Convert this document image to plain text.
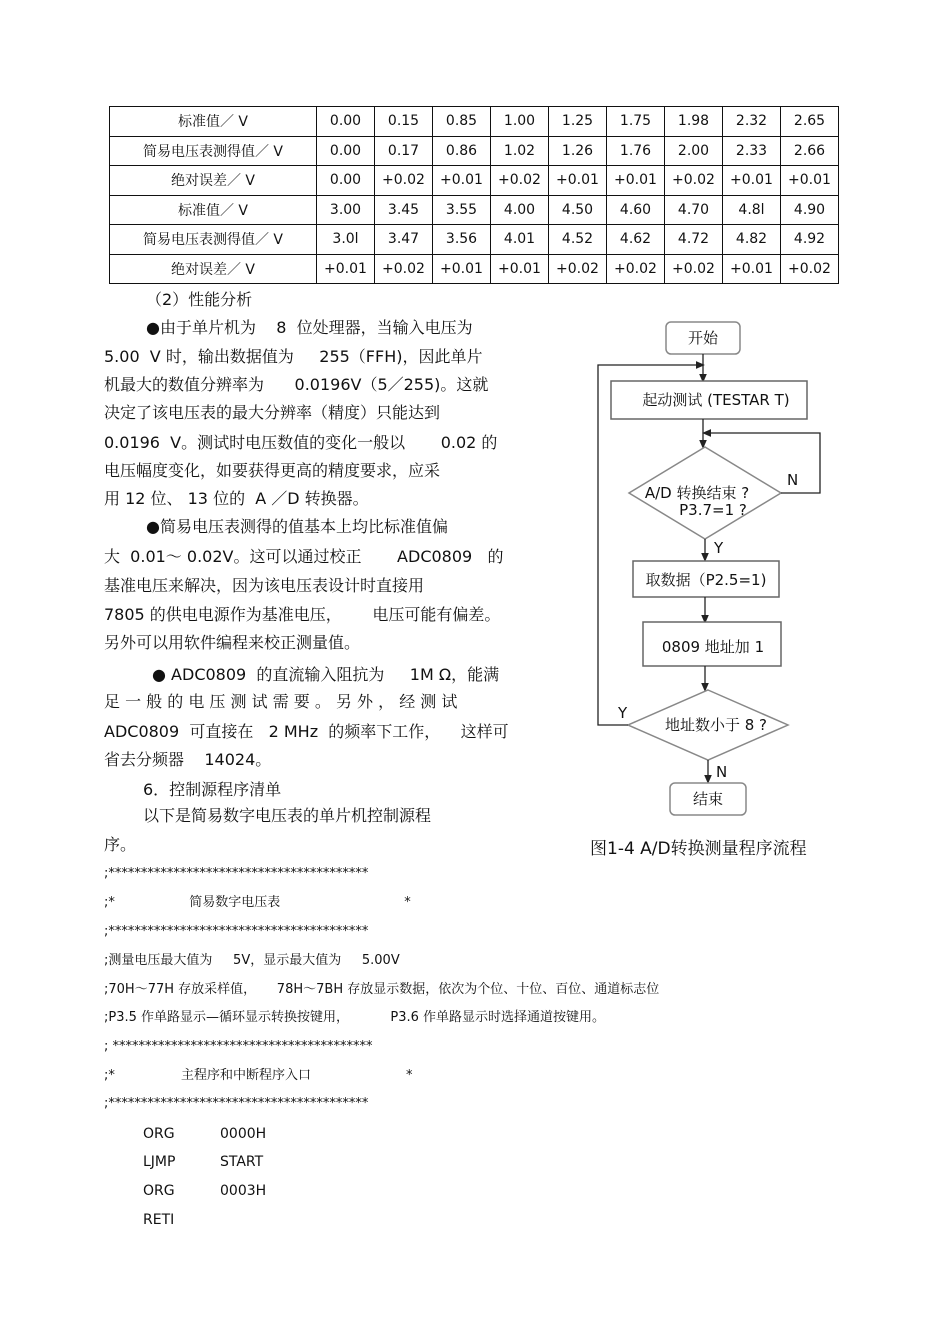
标准值／ V	0.00	0.15	0.85	1.00	1.25	1.75	1.98	2.32	2.65
简易电压表测得值／ V	0.00	0.17	0.86	1.02	1.26	1.76	2.00	2.33	2.66
绝对误差／ V	0.00	+0.02	+0.01	+0.02	+0.01	+0.01	+0.02	+0.01	+0.01
标准值／ V	3.00	3.45	3.55	4.00	4.50	4.60	4.70	4.8l	4.90
简易电压表测得值／ V	3.0l	3.47	3.56	4.01	4.52	4.62	4.72	4.82	4.92
绝对误差／ V	+0.01	+0.02	+0.01	+0.01	+0.02	+0.02	+0.02	+0.01	+0.02
（2）性能分析
●由于单片机为    8  位处理器，当输入电压为
5.00  V 时，输出数据值为     255（FFH)，因此单片
机最大的数值分辨率为      0.0196V（5／255)。这就
决定了该电压表的最大分辨率（精度）只能达到
0.0196  V。测试时电压数值的变化一般以       0.02 的
电压幅度变化，如要获得更高的精度要求，应采
用 12 位、 13 位的  A ／D 转换器。
●简易电压表测得的值基本上均比标准值偏
大  0.01～ 0.02V。这可以通过校正       ADC0809   的
基准电压来解决，因为该电压表设计时直接用
7805 的供电电源作为基准电压，      电压可能有偏差。
另外可以用软件编程来校正测量值。
● ADC0809  的直流输入阻抗为     1M Ω，能满
足 一 般 的 电 压 测 试 需 要 。 另 外 ， 经 测 试
ADC0809  可直接在   2 MHz  的频率下工作，    这样可
省去分频器    14024。
6．控制源程序清单
以下是简易数字电压表的单片机控制源程
序。
;****************************************
;*                  简易数字电压表                              *
;****************************************
;测量电压最大值为     5V，显示最大值为     5.00V
;70H～77H 存放采样值，     78H～7BH 存放显示数据，依次为个位、十位、百位、通道标志位
;P3.5 作单路显示—循环显示转换按键用，          P3.6 作单路显示时选择通道按键用。
; ****************************************
;*                主程序和中断程序入口                       *
;****************************************
ORG	0000H
LJMP	START
ORG	0003H
RETI
开始
起动测试 (TESTAR T)
A/D 转换结束 ?
P3.7=1 ?
N
Y
取数据（P2.5=1)
0809 地址加 1
地址数小于 8 ?
Y
N
结束
图1-4 A/D转换测量程序流程
